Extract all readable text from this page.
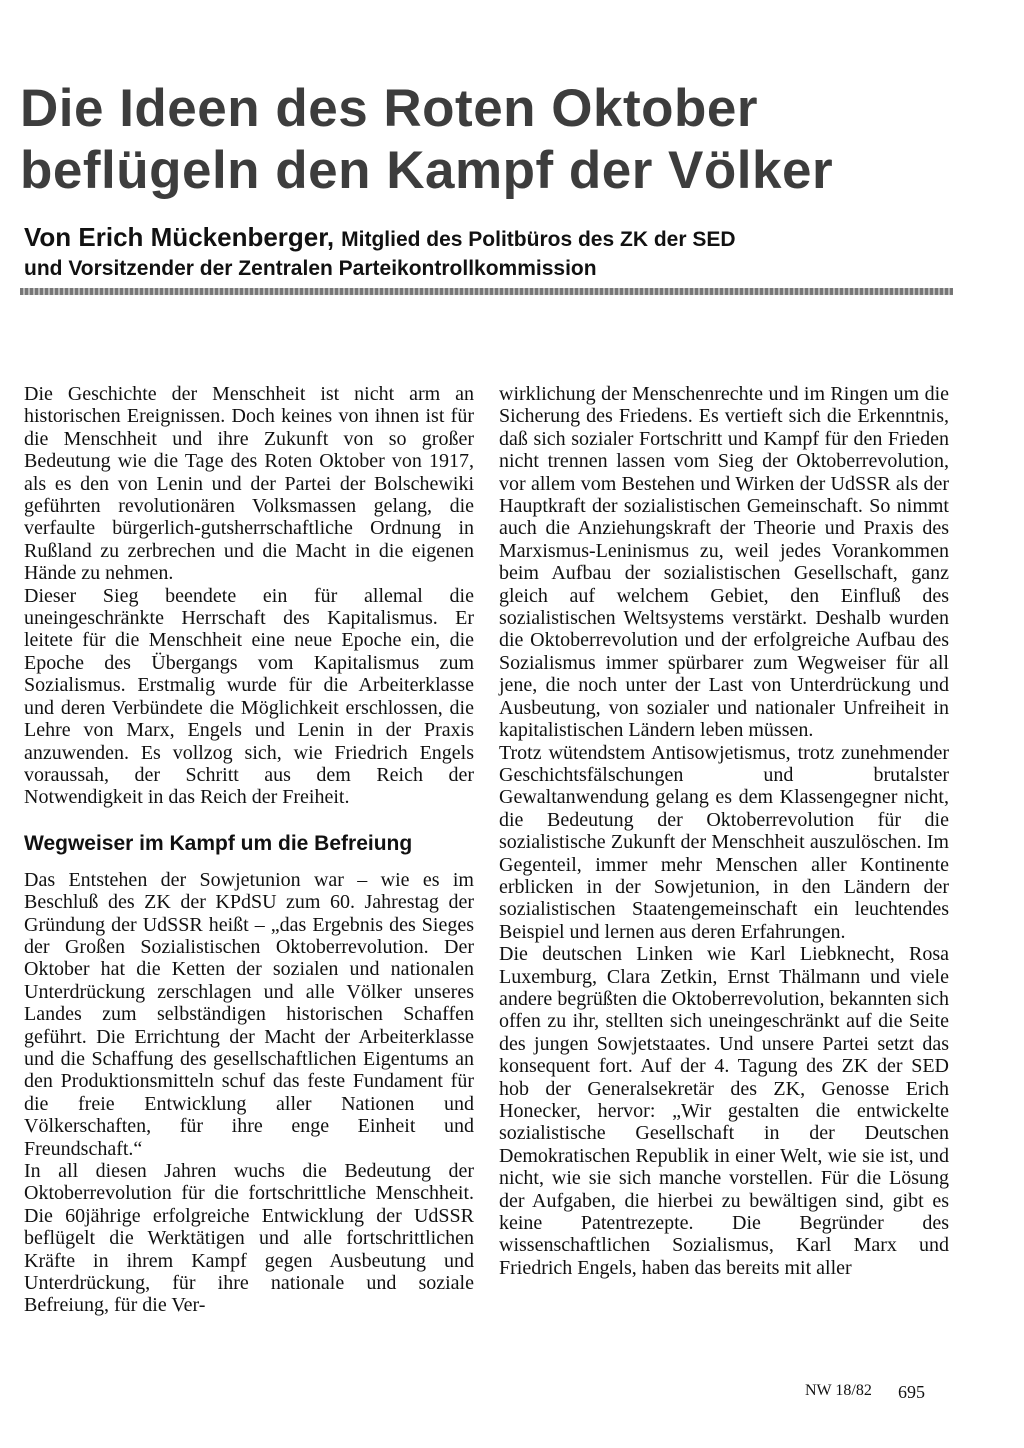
Die Ideen des Roten Oktober
beflügeln den Kampf der Völker
Von Erich Mückenberger, Mitglied des Politbüros des ZK der SED
und Vorsitzender der Zentralen Parteikontrollkommission

Die Geschichte der Menschheit ist nicht arm an historischen Ereignissen. Doch keines von ihnen ist für die Menschheit und ihre Zukunft von so großer Bedeutung wie die Tage des Roten Oktober von 1917, als es den von Lenin und der Partei der Bolschewiki geführten revolutionären Volksmassen gelang, die verfaulte bürgerlich-gutsherrschaftliche Ordnung in Rußland zu zerbrechen und die Macht in die eigenen Hände zu nehmen.

Dieser Sieg beendete ein für allemal die uneingeschränkte Herrschaft des Kapitalismus. Er leitete für die Menschheit eine neue Epoche ein, die Epoche des Übergangs vom Kapitalismus zum Sozialismus. Erstmalig wurde für die Arbeiterklasse und deren Verbündete die Möglichkeit erschlossen, die Lehre von Marx, Engels und Lenin in der Praxis anzuwenden. Es vollzog sich, wie Friedrich Engels voraussah, der Schritt aus dem Reich der Notwendigkeit in das Reich der Freiheit.

Wegweiser im Kampf um die Befreiung

Das Entstehen der Sowjetunion war – wie es im Beschluß des ZK der KPdSU zum 60. Jahrestag der Gründung der UdSSR heißt – „das Ergebnis des Sieges der Großen Sozialistischen Oktoberrevolution. Der Oktober hat die Ketten der sozialen und nationalen Unterdrückung zerschlagen und alle Völker unseres Landes zum selbständigen historischen Schaffen geführt. Die Errichtung der Macht der Arbeiterklasse und die Schaffung des gesellschaftlichen Eigentums an den Produktionsmitteln schuf das feste Fundament für die freie Entwicklung aller Nationen und Völkerschaften, für ihre enge Einheit und Freundschaft.“

In all diesen Jahren wuchs die Bedeutung der Oktoberrevolution für die fortschrittliche Menschheit. Die 60jährige erfolgreiche Entwicklung der UdSSR beflügelt die Werktätigen und alle fortschrittlichen Kräfte in ihrem Kampf gegen Ausbeutung und Unterdrückung, für ihre nationale und soziale Befreiung, für die Ver-

wirklichung der Menschenrechte und im Ringen um die Sicherung des Friedens. Es vertieft sich die Erkenntnis, daß sich sozialer Fortschritt und Kampf für den Frieden nicht trennen lassen vom Sieg der Oktoberrevolution, vor allem vom Bestehen und Wirken der UdSSR als der Hauptkraft der sozialistischen Gemeinschaft. So nimmt auch die Anziehungskraft der Theorie und Praxis des Marxismus-Leninismus zu, weil jedes Vorankommen beim Aufbau der sozialistischen Gesellschaft, ganz gleich auf welchem Gebiet, den Einfluß des sozialistischen Weltsystems verstärkt. Deshalb wurden die Oktoberrevolution und der erfolgreiche Aufbau des Sozialismus immer spürbarer zum Wegweiser für all jene, die noch unter der Last von Unterdrückung und Ausbeutung, von sozialer und nationaler Unfreiheit in kapitalistischen Ländern leben müssen.

Trotz wütendstem Antisowjetismus, trotz zunehmender Geschichtsfälschungen und brutalster Gewaltanwendung gelang es dem Klassengegner nicht, die Bedeutung der Oktoberrevolution für die sozialistische Zukunft der Menschheit auszulöschen. Im Gegenteil, immer mehr Menschen aller Kontinente erblicken in der Sowjetunion, in den Ländern der sozialistischen Staatengemeinschaft ein leuchtendes Beispiel und lernen aus deren Erfahrungen.

Die deutschen Linken wie Karl Liebknecht, Rosa Luxemburg, Clara Zetkin, Ernst Thälmann und viele andere begrüßten die Oktoberrevolution, bekannten sich offen zu ihr, stellten sich uneingeschränkt auf die Seite des jungen Sowjetstaates. Und unsere Partei setzt das konsequent fort. Auf der 4. Tagung des ZK der SED hob der Generalsekretär des ZK, Genosse Erich Honecker, hervor: „Wir gestalten die entwickelte sozialistische Gesellschaft in der Deutschen Demokratischen Republik in einer Welt, wie sie ist, und nicht, wie sie sich manche vorstellen. Für die Lösung der Aufgaben, die hierbei zu bewältigen sind, gibt es keine Patentrezepte. Die Begründer des wissenschaftlichen Sozialismus, Karl Marx und Friedrich Engels, haben das bereits mit aller

NW 18/82 695
